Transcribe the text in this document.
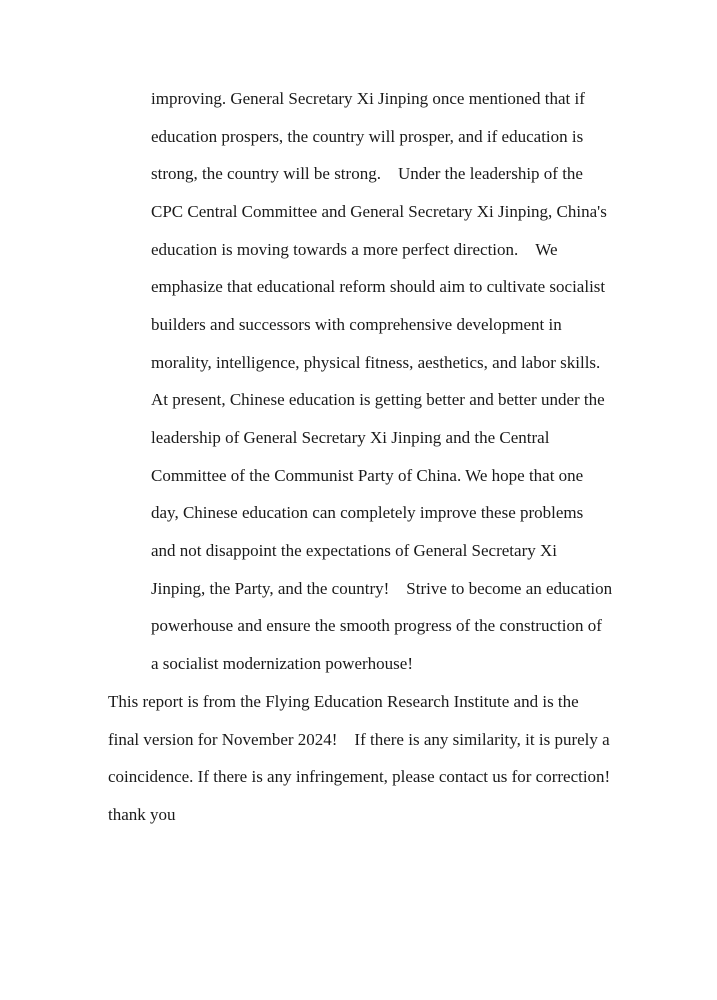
improving. General Secretary Xi Jinping once mentioned that if

education prospers, the country will prosper, and if education is

strong, the country will be strong.　Under the leadership of the

CPC Central Committee and General Secretary Xi Jinping, China's

education is moving towards a more perfect direction.　We

emphasize that educational reform should aim to cultivate socialist

builders and successors with comprehensive development in

morality, intelligence, physical fitness, aesthetics, and labor skills.

At present, Chinese education is getting better and better under the

leadership of General Secretary Xi Jinping and the Central

Committee of the Communist Party of China. We hope that one

day, Chinese education can completely improve these problems

and not disappoint the expectations of General Secretary Xi

Jinping, the Party, and the country!　Strive to become an education

powerhouse and ensure the smooth progress of the construction of

a socialist modernization powerhouse!

This report is from the Flying Education Research Institute and is the

final version for November 2024!　If there is any similarity, it is purely a

coincidence. If there is any infringement, please contact us for correction!

thank you
